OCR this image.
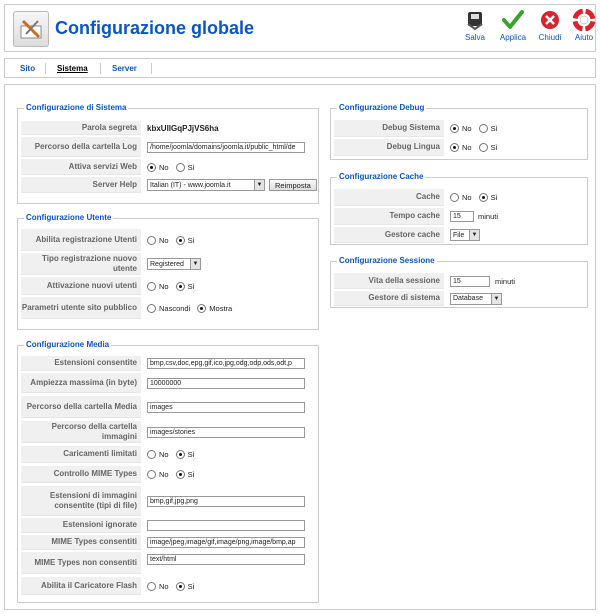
Configurazione globale	Salva	Applica	Chiudi	Aiuto
Sito	Sistema	Server
Configurazione di Sistema
Parola segreta	kbxUllGqPJjVS6ha
Percorso della cartella Log	/home/joomla/domains/joomla.it/public_html/de
Attiva servizi Web	No	Sì
Server Help	Italian (IT) - www.joomla.it	▼	Reimposta
Configurazione Utente
Abilita registrazione Utenti	No	Sì
Tipo registrazione nuovo utente	Registered	▼
Attivazione nuovi utenti	No	Sì
Parametri utente sito pubblico	Nascondi	Mostra
Configurazione Media
Estensioni consentite	bmp,csv,doc,epg,gif,ico,jpg,odg,odp,ods,odt,p
Ampiezza massima (in byte)	10000000
Percorso della cartella Media	images
Percorso della cartella immagini	images/stories
Caricamenti limitati	No	Sì
Controllo MIME Types	No	Sì
Estensioni di immagini consentite (tipi di file)	bmp,gif,jpg,png
Estensioni ignorate
MIME Types consentiti	image/jpeg,image/gif,image/png,image/bmp,ap
MIME Types non consentiti	text/html
Abilita il Caricatore Flash	No	Sì
Configurazione Debug
Debug Sistema	No	Sì
Debug Lingua	No	Sì
Configurazione Cache
Cache	No	Sì
Tempo cache	15	minuti
Gestore cache	File	▼
Configurazione Sessione
Vita della sessione	15	minuti
Gestore di sistema	Database	▼
